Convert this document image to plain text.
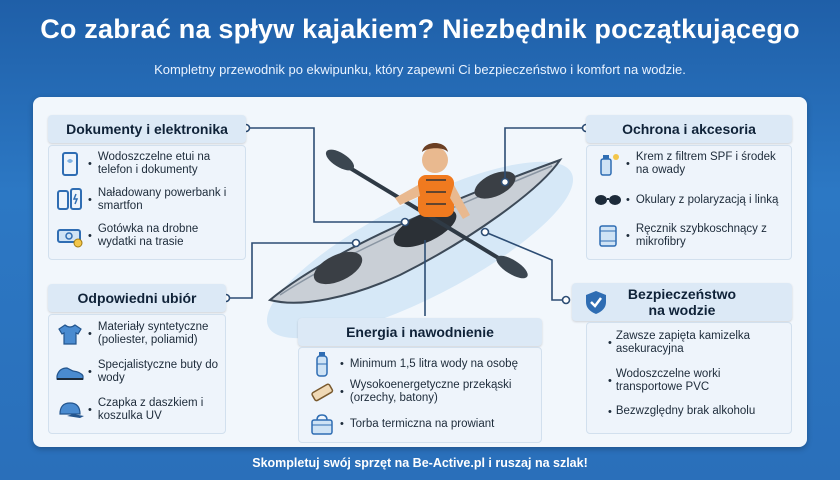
Co zabrać na spływ kajakiem? Niezbędnik początkującego
Kompletny przewodnik po ekwipunku, który zapewni Ci bezpieczeństwo i komfort na wodzie.
Dokumenty i elektronika
•
Wodoszczelne etui na telefon i dokumenty
•
Naładowany powerbank i smartfon
•
Gotówka na drobne wydatki na trasie
Odpowiedni ubiór
•
Materiały syntetyczne (poliester, poliamid)
•
Specjalistyczne buty do wody
•
Czapka z daszkiem i koszulka UV
Energia i nawodnienie
• Minimum 1,5 litra wody na osobę
•
Wysokoenergetyczne przekąski (orzechy, batony)
• Torba termiczna na prowiant
Ochrona i akcesoria
•
Krem z filtrem SPF i środek na owady
• Okulary z polaryzacją i linką
•
Ręcznik szybkoschnący z mikrofibry
Bezpieczeństwo
na wodzie
•
Zawsze zapięta kamizelka asekuracyjna
•
Wodoszczelne worki transportowe PVC
• Bezwzględny brak alkoholu
Skompletuj swój sprzęt na Be-Active.pl i ruszaj na szlak!
